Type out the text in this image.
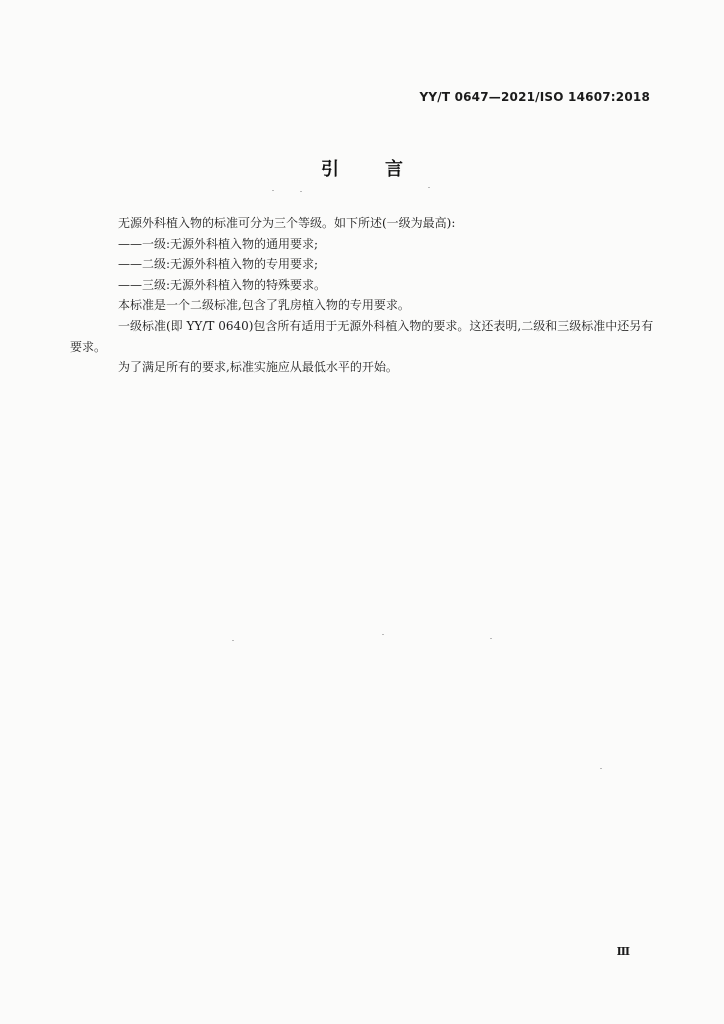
YY/T 0647—2021/ISO 14607:2018
引	言

无源外科植入物的标准可分为三个等级。如下所述(一级为最高):

——一级:无源外科植入物的通用要求;

——二级:无源外科植入物的专用要求;

——三级:无源外科植入物的特殊要求。

本标准是一个二级标准,包含了乳房植入物的专用要求。

一级标准(即 YY/T 0640)包含所有适用于无源外科植入物的要求。这还表明,二级和三级标准中还另有要求。

为了满足所有的要求,标准实施应从最低水平的开始。

Ⅲ
